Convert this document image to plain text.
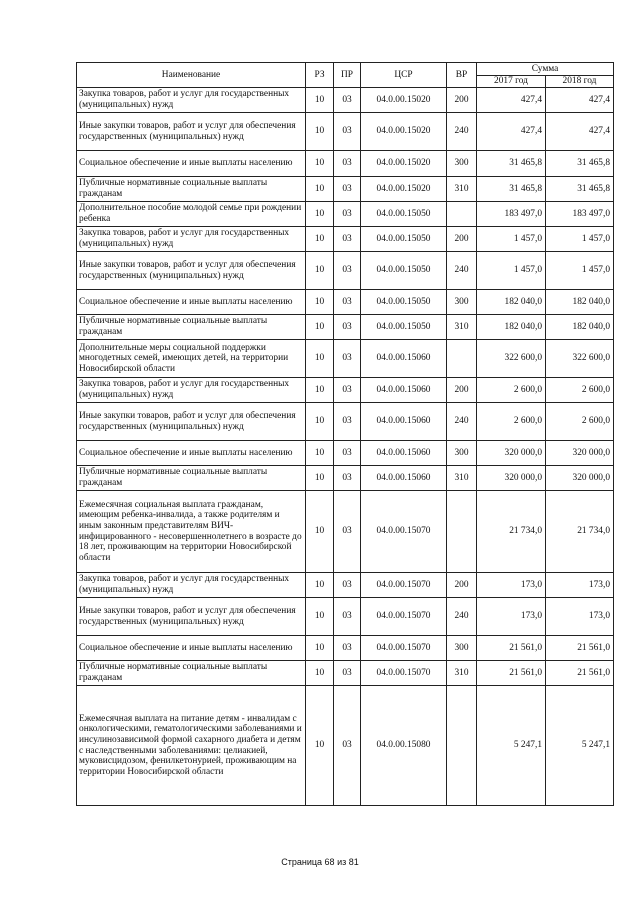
Наименование	РЗ	ПР	ЦСР	ВР	Сумма	
					2017 год	2018 год
Закупка товаров, работ и услуг для государственных (муниципальных) нужд	10	03	04.0.00.15020	200	427,4	427,4
Иные закупки товаров, работ и услуг для обеспечения государственных (муниципальных) нужд	10	03	04.0.00.15020	240	427,4	427,4
Социальное обеспечение и иные выплаты населению	10	03	04.0.00.15020	300	31 465,8	31 465,8
Публичные нормативные социальные выплаты гражданам	10	03	04.0.00.15020	310	31 465,8	31 465,8
Дополнительное пособие молодой семье при рождении ребенка	10	03	04.0.00.15050		183 497,0	183 497,0
Закупка товаров, работ и услуг для государственных (муниципальных) нужд	10	03	04.0.00.15050	200	1 457,0	1 457,0
Иные закупки товаров, работ и услуг для обеспечения государственных (муниципальных) нужд	10	03	04.0.00.15050	240	1 457,0	1 457,0
Социальное обеспечение и иные выплаты населению	10	03	04.0.00.15050	300	182 040,0	182 040,0
Публичные нормативные социальные выплаты гражданам	10	03	04.0.00.15050	310	182 040,0	182 040,0
Дополнительные меры социальной поддержки многодетных семей, имеющих детей, на территории Новосибирской области	10	03	04.0.00.15060		322 600,0	322 600,0
Закупка товаров, работ и услуг для государственных (муниципальных) нужд	10	03	04.0.00.15060	200	2 600,0	2 600,0
Иные закупки товаров, работ и услуг для обеспечения государственных (муниципальных) нужд	10	03	04.0.00.15060	240	2 600,0	2 600,0
Социальное обеспечение и иные выплаты населению	10	03	04.0.00.15060	300	320 000,0	320 000,0
Публичные нормативные социальные выплаты гражданам	10	03	04.0.00.15060	310	320 000,0	320 000,0
Ежемесячная социальная выплата гражданам, имеющим ребенка-инвалида, а также родителям и иным законным представителям ВИЧ-инфицированного - несовершеннолетнего в возрасте до 18 лет, проживающим на территории Новосибирской области	10	03	04.0.00.15070		21 734,0	21 734,0
Закупка товаров, работ и услуг для государственных (муниципальных) нужд	10	03	04.0.00.15070	200	173,0	173,0
Иные закупки товаров, работ и услуг для обеспечения государственных (муниципальных) нужд	10	03	04.0.00.15070	240	173,0	173,0
Социальное обеспечение и иные выплаты населению	10	03	04.0.00.15070	300	21 561,0	21 561,0
Публичные нормативные социальные выплаты гражданам	10	03	04.0.00.15070	310	21 561,0	21 561,0
Ежемесячная выплата на питание детям - инвалидам с онкологическими, гематологическими заболеваниями и инсулинозависимой формой сахарного диабета и детям с наследственными заболеваниями: целиакией, муковисцидозом, фенилкетонурией, проживающим на территории Новосибирской области	10	03	04.0.00.15080		5 247,1	5 247,1
Страница 68 из 81
